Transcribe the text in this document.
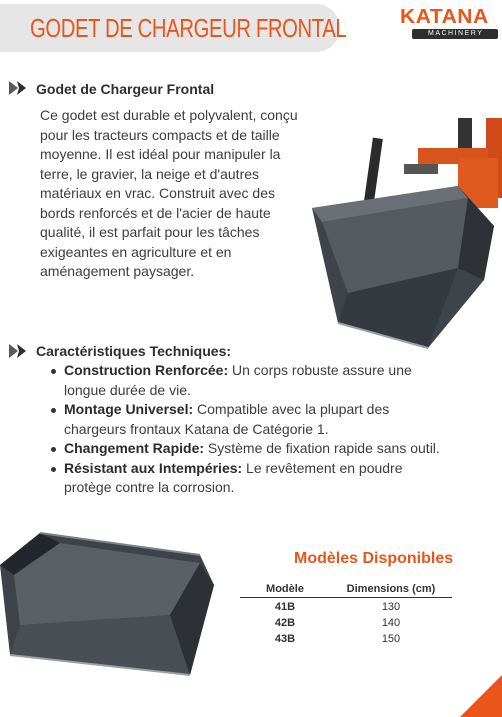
GODET DE CHARGEUR FRONTAL	KATANA
MACHINERY
Godet de Chargeur Frontal
Ce godet est durable et polyvalent, conçu pour les tracteurs compacts et de taille moyenne. Il est idéal pour manipuler la terre, le gravier, la neige et d'autres matériaux en vrac. Construit avec des bords renforcés et de l'acier de haute qualité, il est parfait pour les tâches exigeantes en agriculture et en aménagement paysager.
Caractéristiques Techniques:
Construction Renforcée: Un corps robuste assure une longue durée de vie.
Montage Universel: Compatible avec la plupart des chargeurs frontaux Katana de Catégorie 1.
Changement Rapide: Système de fixation rapide sans outil.
Résistant aux Intempéries: Le revêtement en poudre protège contre la corrosion.
Modèles Disponibles
Modèle	Dimensions (cm)
41B	130
42B	140
43B	150
